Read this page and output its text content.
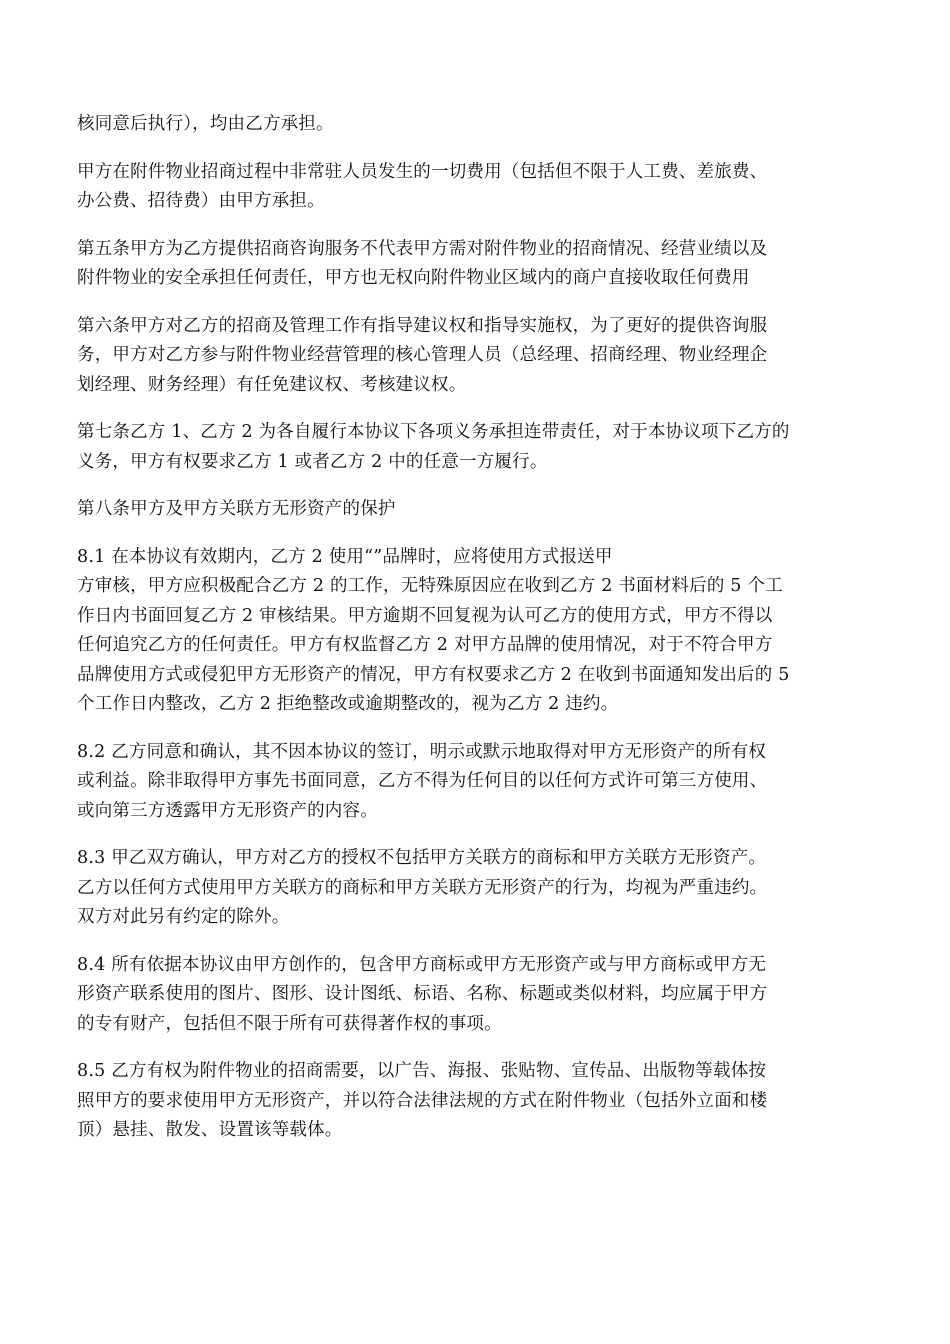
核同意后执行），均由乙方承担。

甲方在附件物业招商过程中非常驻人员发生的一切费用（包括但不限于人工费、差旅费、
办公费、招待费）由甲方承担。

第五条甲方为乙方提供招商咨询服务不代表甲方需对附件物业的招商情况、经营业绩以及
附件物业的安全承担任何责任，甲方也无权向附件物业区域内的商户直接收取任何费用

第六条甲方对乙方的招商及管理工作有指导建议权和指导实施权，为了更好的提供咨询服
务，甲方对乙方参与附件物业经营管理的核心管理人员（总经理、招商经理、物业经理企
划经理、财务经理）有任免建议权、考核建议权。

第七条乙方 1、乙方 2 为各自履行本协议下各项义务承担连带责任，对于本协议项下乙方的
义务，甲方有权要求乙方 1 或者乙方 2 中的任意一方履行。

第八条甲方及甲方关联方无形资产的保护

8.1 在本协议有效期内，乙方 2 使用“”品牌时，应将使用方式报送甲
方审核，甲方应积极配合乙方 2 的工作，无特殊原因应在收到乙方 2 书面材料后的 5 个工
作日内书面回复乙方 2 审核结果。甲方逾期不回复视为认可乙方的使用方式，甲方不得以
任何追究乙方的任何责任。甲方有权监督乙方 2 对甲方品牌的使用情况，对于不符合甲方
品牌使用方式或侵犯甲方无形资产的情况，甲方有权要求乙方 2 在收到书面通知发出后的 5
个工作日内整改，乙方 2 拒绝整改或逾期整改的，视为乙方 2 违约。

8.2 乙方同意和确认，其不因本协议的签订，明示或默示地取得对甲方无形资产的所有权
或利益。除非取得甲方事先书面同意，乙方不得为任何目的以任何方式许可第三方使用、
或向第三方透露甲方无形资产的内容。

8.3 甲乙双方确认，甲方对乙方的授权不包括甲方关联方的商标和甲方关联方无形资产。
乙方以任何方式使用甲方关联方的商标和甲方关联方无形资产的行为，均视为严重违约。
双方对此另有约定的除外。

8.4 所有依据本协议由甲方创作的，包含甲方商标或甲方无形资产或与甲方商标或甲方无
形资产联系使用的图片、图形、设计图纸、标语、名称、标题或类似材料，均应属于甲方
的专有财产，包括但不限于所有可获得著作权的事项。

8.5 乙方有权为附件物业的招商需要，以广告、海报、张贴物、宣传品、出版物等载体按
照甲方的要求使用甲方无形资产，并以符合法律法规的方式在附件物业（包括外立面和楼
顶）悬挂、散发、设置该等载体。
